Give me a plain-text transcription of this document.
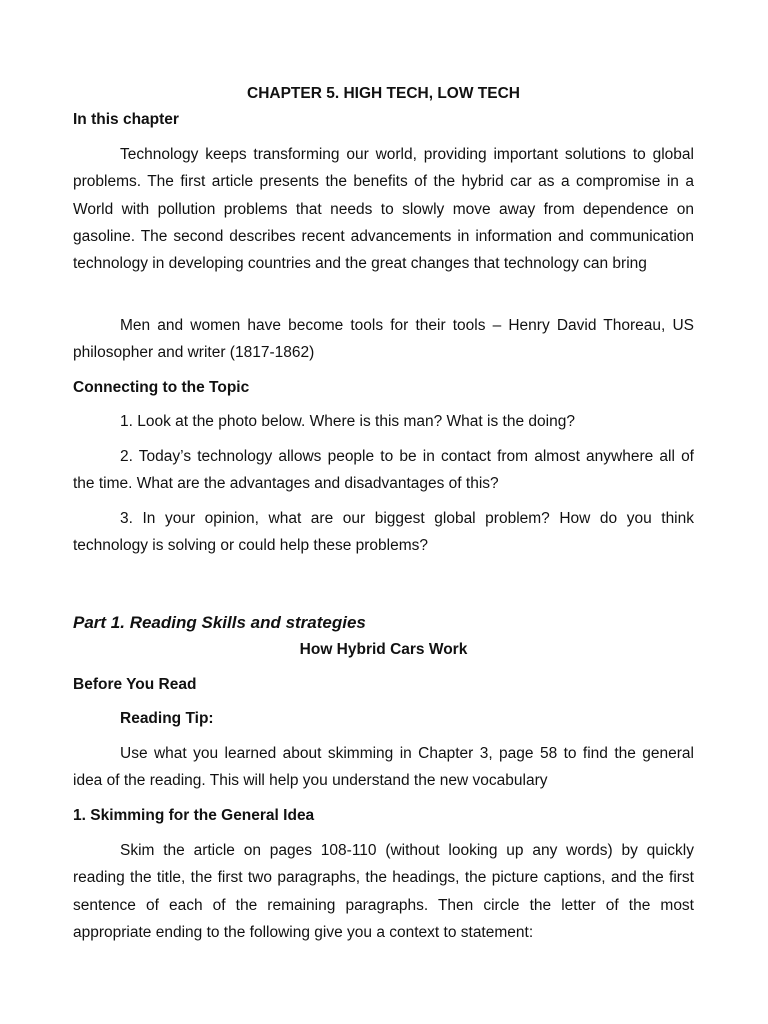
CHAPTER 5. HIGH TECH, LOW TECH
In this chapter

Technology keeps transforming our world, providing important solutions to global problems. The first article presents the benefits of the hybrid car as a compromise in a World with pollution problems that needs to slowly move away from dependence on gasoline. The second describes recent advancements in information and communication technology in developing countries and the great changes that technology can bring

Men and women have become tools for their tools – Henry David Thoreau, US philosopher and writer (1817-1862)

Connecting to the Topic

1. Look at the photo below. Where is this man? What is the doing?

2. Today’s technology allows people to be in contact from almost anywhere all of the time. What are the advantages and disadvantages of this?

3. In your opinion, what are our biggest global problem? How do you think technology is solving or could help these problems?

Part 1. Reading Skills and strategies
How Hybrid Cars Work
Before You Read
Reading Tip:

Use what you learned about skimming in Chapter 3, page 58 to find the general idea of the reading. This will help you understand the new vocabulary

1. Skimming for the General Idea

Skim the article on pages 108-110 (without looking up any words) by quickly reading the title, the first two paragraphs, the headings, the picture captions, and the first sentence of each of the remaining paragraphs. Then circle the letter of the most appropriate ending to the following give you a context to statement:
